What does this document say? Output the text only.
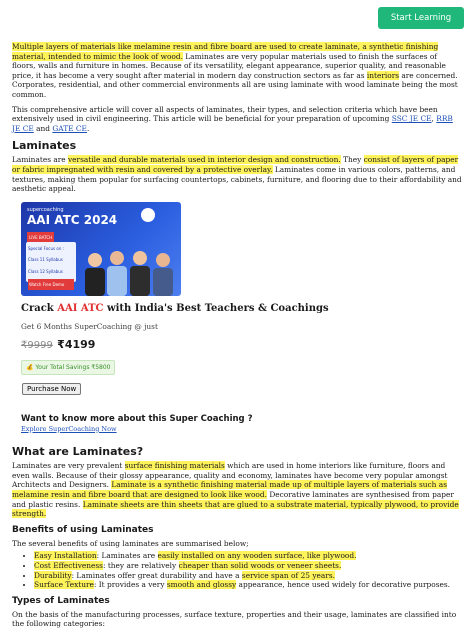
Start Learning

Multiple layers of materials like melamine resin and fibre board are used to create laminate, a synthetic finishing material, intended to mimic the look of wood. Laminates are very popular materials used to finish the surfaces of floors, walls and furniture in homes. Because of its versatility, elegant appearance, superior quality, and reasonable price, it has become a very sought after material in modern day construction sectors as far as interiors are concerned. Corporates, residential, and other commercial environments all are using laminate with wood laminate being the most common.

This comprehensive article will cover all aspects of laminates, their types, and selection criteria which have been extensively used in civil engineering. This article will be beneficial for your preparation of upcoming SSC JE CE, RRB JE CE and GATE CE.

Laminates

Laminates are versatile and durable materials used in interior design and construction. They consist of layers of paper or fabric impregnated with resin and covered by a protective overlay. Laminates come in various colors, patterns, and textures, making them popular for surfacing countertops, cabinets, furniture, and flooring due to their affordability and aesthetic appeal.

supercoaching
AAI ATC 2024
LIVE BATCH
Special Focus on :
Class 11 Syllabus
Class 12 Syllabus
Watch Free Demo
Crack AAI ATC with India's Best Teachers & Coachings
Get 6 Months SuperCoaching @ just
₹9999 ₹4199
💰 Your Total Savings ₹5800
Purchase Now
Want to know more about this Super Coaching ?
Explore SuperCoaching Now
What are Laminates?

Laminates are very prevalent surface finishing materials which are used in home interiors like furniture, floors and even walls. Because of their glossy appearance, quality and economy, laminates have become very popular amongst Architects and Designers. Laminate is a synthetic finishing material made up of multiple layers of materials such as melamine resin and fibre board that are designed to look like wood. Decorative laminates are synthesised from paper and plastic resins. Laminate sheets are thin sheets that are glued to a substrate material, typically plywood, to provide strength.

Benefits of using Laminates

The several benefits of using laminates are summarised below;

• Easy Installation: Laminates are easily installed on any wooden surface, like plywood.
• Cost Effectiveness: they are relatively cheaper than solid woods or veneer sheets.
• Durability: Laminates offer great durability and have a service span of 25 years.
• Surface Texture: It provides a very smooth and glossy appearance, hence used widely for decorative purposes.
Types of Laminates

On the basis of the manufacturing processes, surface texture, properties and their usage, laminates are classified into the following categories:
